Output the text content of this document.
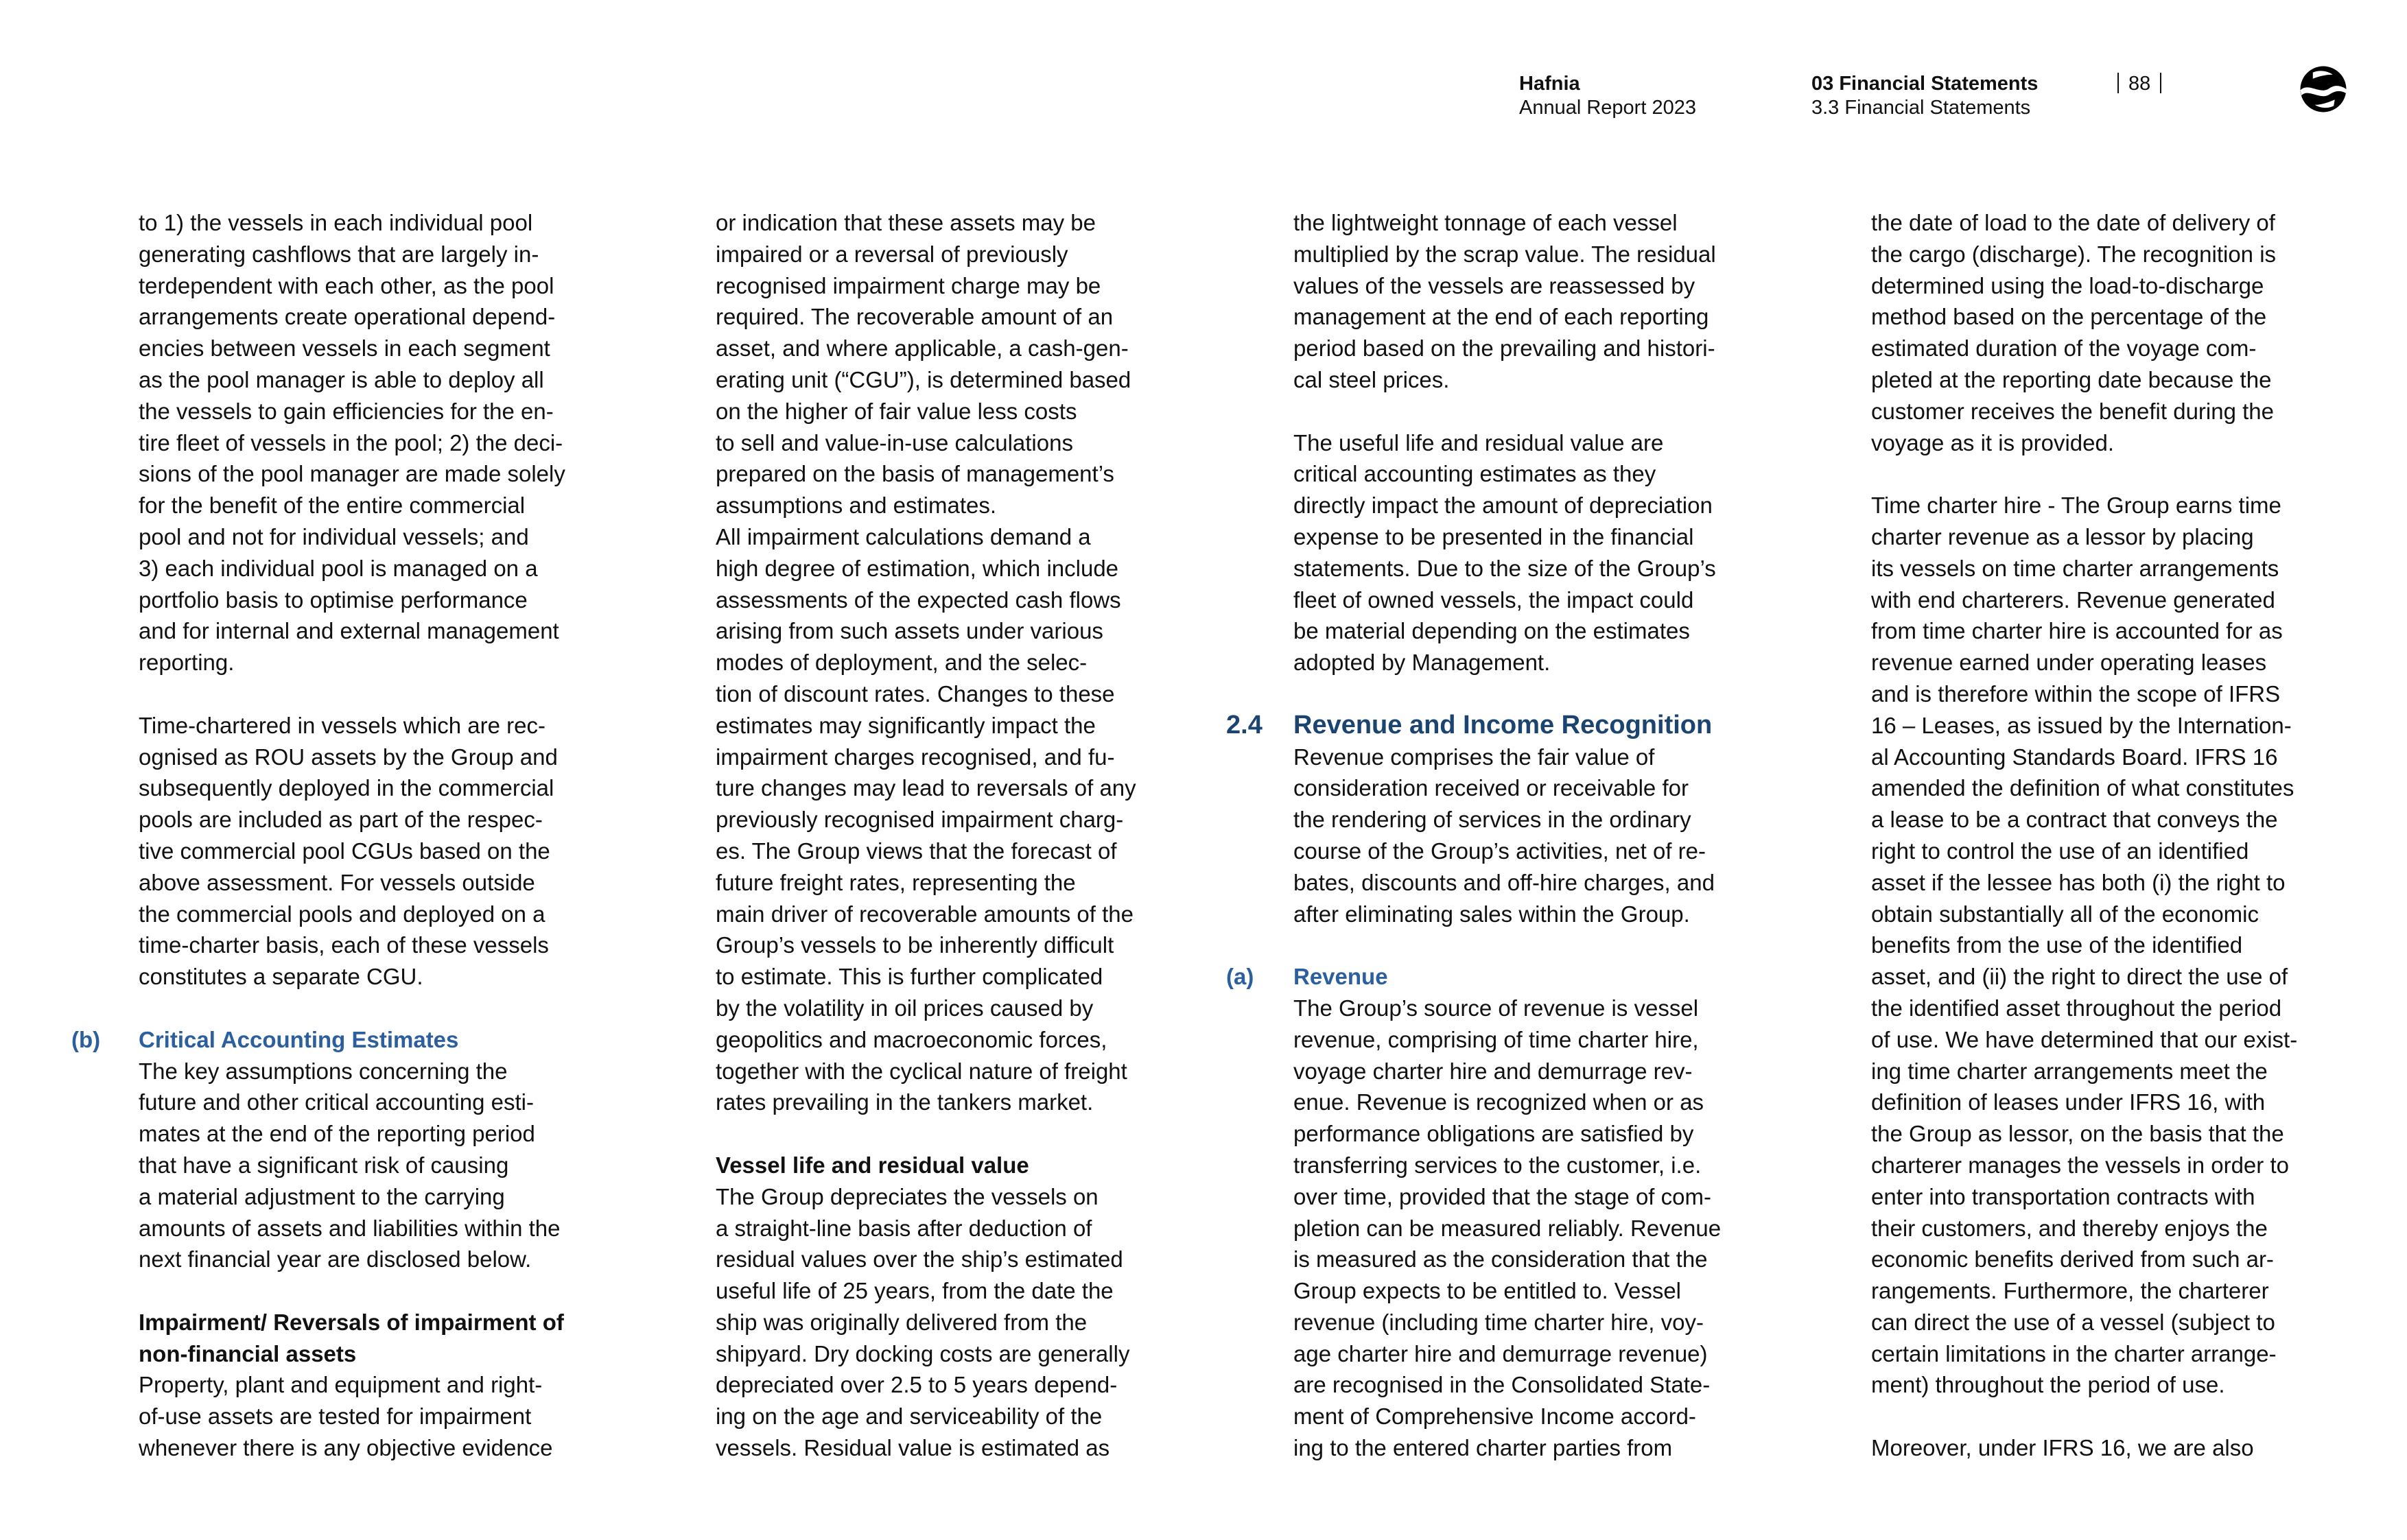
Hafnia
Annual Report 2023
03 Financial Statements
3.3 Financial Statements
88
to 1) the vessels in each individual pool
generating cashflows that are largely in-
terdependent with each other, as the pool
arrangements create operational depend-
encies between vessels in each segment
as the pool manager is able to deploy all
the vessels to gain efficiencies for the en-
tire fleet of vessels in the pool; 2) the deci-
sions of the pool manager are made solely
for the benefit of the entire commercial
pool and not for individual vessels; and
3) each individual pool is managed on a
portfolio basis to optimise performance
and for internal and external management
reporting.
Time-chartered in vessels which are rec-
ognised as ROU assets by the Group and
subsequently deployed in the commercial
pools are included as part of the respec-
tive commercial pool CGUs based on the
above assessment. For vessels outside
the commercial pools and deployed on a
time-charter basis, each of these vessels
constitutes a separate CGU.
(b) Critical Accounting Estimates
The key assumptions concerning the
future and other critical accounting esti-
mates at the end of the reporting period
that have a significant risk of causing
a material adjustment to the carrying
amounts of assets and liabilities within the
next financial year are disclosed below.
Impairment/ Reversals of impairment of
non-financial assets
Property, plant and equipment and right-
of-use assets are tested for impairment
whenever there is any objective evidence
or indication that these assets may be
impaired or a reversal of previously
recognised impairment charge may be
required. The recoverable amount of an
asset, and where applicable, a cash-gen-
erating unit (“CGU”), is determined based
on the higher of fair value less costs
to sell and value-in-use calculations
prepared on the basis of management’s
assumptions and estimates.
All impairment calculations demand a
high degree of estimation, which include
assessments of the expected cash flows
arising from such assets under various
modes of deployment, and the selec-
tion of discount rates. Changes to these
estimates may significantly impact the
impairment charges recognised, and fu-
ture changes may lead to reversals of any
previously recognised impairment charg-
es. The Group views that the forecast of
future freight rates, representing the
main driver of recoverable amounts of the
Group’s vessels to be inherently difficult
to estimate. This is further complicated
by the volatility in oil prices caused by
geopolitics and macroeconomic forces,
together with the cyclical nature of freight
rates prevailing in the tankers market.
Vessel life and residual value
The Group depreciates the vessels on
a straight-line basis after deduction of
residual values over the ship’s estimated
useful life of 25 years, from the date the
ship was originally delivered from the
shipyard. Dry docking costs are generally
depreciated over 2.5 to 5 years depend-
ing on the age and serviceability of the
vessels. Residual value is estimated as
the lightweight tonnage of each vessel
multiplied by the scrap value. The residual
values of the vessels are reassessed by
management at the end of each reporting
period based on the prevailing and histori-
cal steel prices.
The useful life and residual value are
critical accounting estimates as they
directly impact the amount of depreciation
expense to be presented in the financial
statements. Due to the size of the Group’s
fleet of owned vessels, the impact could
be material depending on the estimates
adopted by Management.
2.4 Revenue and Income Recognition
Revenue comprises the fair value of
consideration received or receivable for
the rendering of services in the ordinary
course of the Group’s activities, net of re-
bates, discounts and off-hire charges, and
after eliminating sales within the Group.
(a) Revenue
The Group’s source of revenue is vessel
revenue, comprising of time charter hire,
voyage charter hire and demurrage rev-
enue. Revenue is recognized when or as
performance obligations are satisfied by
transferring services to the customer, i.e.
over time, provided that the stage of com-
pletion can be measured reliably. Revenue
is measured as the consideration that the
Group expects to be entitled to. Vessel
revenue (including time charter hire, voy-
age charter hire and demurrage revenue)
are recognised in the Consolidated State-
ment of Comprehensive Income accord-
ing to the entered charter parties from
the date of load to the date of delivery of
the cargo (discharge). The recognition is
determined using the load-to-discharge
method based on the percentage of the
estimated duration of the voyage com-
pleted at the reporting date because the
customer receives the benefit during the
voyage as it is provided.
Time charter hire - The Group earns time
charter revenue as a lessor by placing
its vessels on time charter arrangements
with end charterers. Revenue generated
from time charter hire is accounted for as
revenue earned under operating leases
and is therefore within the scope of IFRS
16 – Leases, as issued by the Internation-
al Accounting Standards Board. IFRS 16
amended the definition of what constitutes
a lease to be a contract that conveys the
right to control the use of an identified
asset if the lessee has both (i) the right to
obtain substantially all of the economic
benefits from the use of the identified
asset, and (ii) the right to direct the use of
the identified asset throughout the period
of use. We have determined that our exist-
ing time charter arrangements meet the
definition of leases under IFRS 16, with
the Group as lessor, on the basis that the
charterer manages the vessels in order to
enter into transportation contracts with
their customers, and thereby enjoys the
economic benefits derived from such ar-
rangements. Furthermore, the charterer
can direct the use of a vessel (subject to
certain limitations in the charter arrange-
ment) throughout the period of use.
Moreover, under IFRS 16, we are also
